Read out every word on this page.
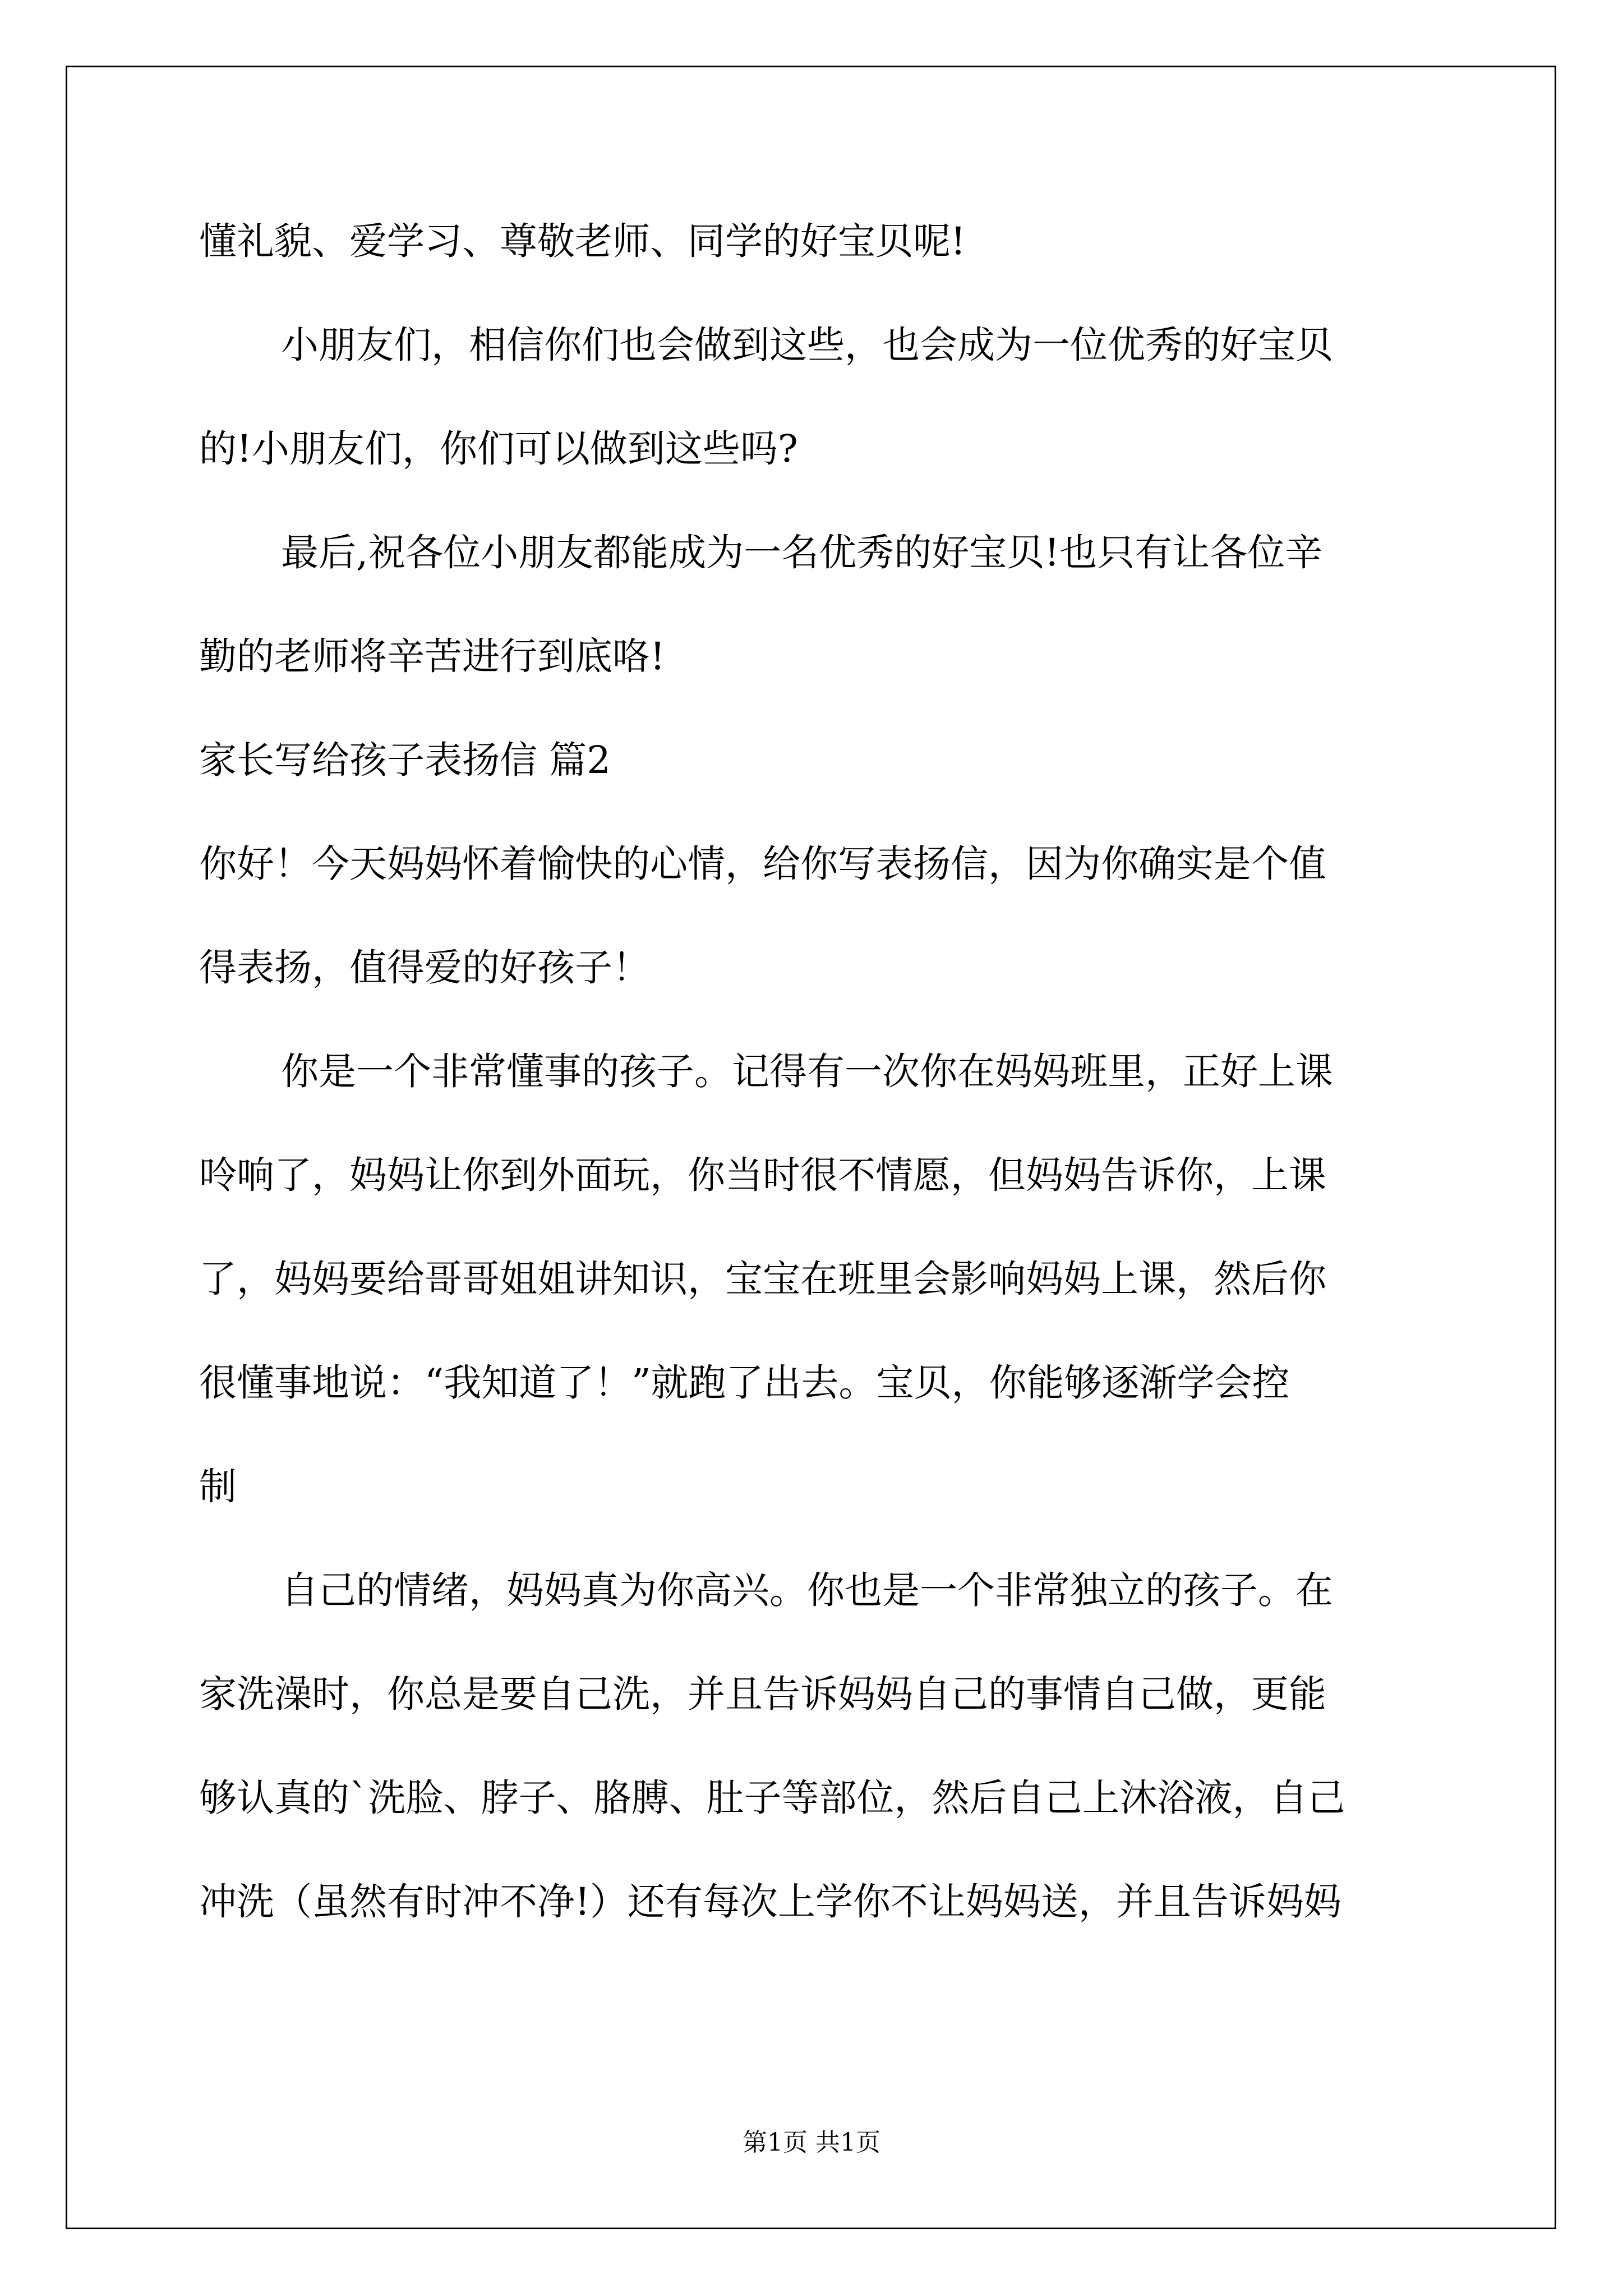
懂礼貌、爱学习、尊敬老师、同学的好宝贝呢!
小朋友们，相信你们也会做到这些，也会成为一位优秀的好宝贝
的!小朋友们，你们可以做到这些吗?
最后,祝各位小朋友都能成为一名优秀的好宝贝!也只有让各位辛
勤的老师将辛苦进行到底咯!
家长写给孩子表扬信 篇2
你好！今天妈妈怀着愉快的心情，给你写表扬信，因为你确实是个值
得表扬，值得爱的好孩子！
你是一个非常懂事的孩子。记得有一次你在妈妈班里，正好上课
呤响了，妈妈让你到外面玩，你当时很不情愿，但妈妈告诉你，上课
了，妈妈要给哥哥姐姐讲知识，宝宝在班里会影响妈妈上课，然后你
很懂事地说：“我知道了！”就跑了出去。宝贝，你能够逐渐学会控
制
自己的情绪，妈妈真为你高兴。你也是一个非常独立的孩子。在
家洗澡时，你总是要自己洗，并且告诉妈妈自己的事情自己做，更能
够认真的`洗脸、脖子、胳膊、肚子等部位，然后自己上沐浴液，自己
冲洗（虽然有时冲不净!）还有每次上学你不让妈妈送，并且告诉妈妈
第1页 共1页
